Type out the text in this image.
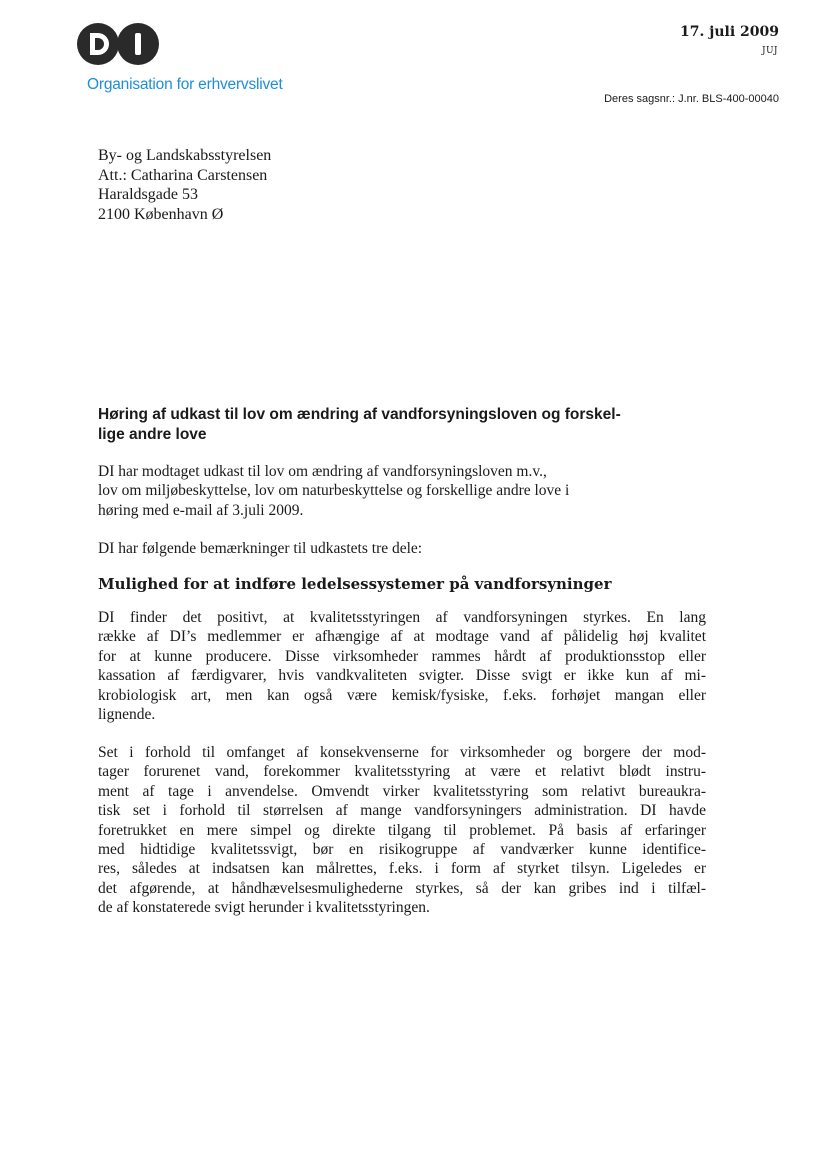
Organisation for erhvervslivet
17. juli 2009
JUJ
Deres sagsnr.: J.nr. BLS-400-00040
By- og Landskabsstyrelsen
Att.: Catharina Carstensen
Haraldsgade 53
2100 København Ø
Høring af udkast til lov om ændring af vandforsyningsloven og forskel-
lige andre love
DI har modtaget udkast til lov om ændring af vandforsyningsloven m.v.,
lov om miljøbeskyttelse, lov om naturbeskyttelse og forskellige andre love i
høring med e-mail af 3.juli 2009.
DI har følgende bemærkninger til udkastets tre dele:
Mulighed for at indføre ledelsessystemer på vandforsyninger
DI finder det positivt, at kvalitetsstyringen af vandforsyningen styrkes. En lang
række af DI’s medlemmer er afhængige af at modtage vand af pålidelig høj kvalitet
for at kunne producere. Disse virksomheder rammes hårdt af produktionsstop eller
kassation af færdigvarer, hvis vandkvaliteten svigter. Disse svigt er ikke kun af mi-
krobiologisk art, men kan også være kemisk/fysiske, f.eks. forhøjet mangan eller
lignende.
Set i forhold til omfanget af konsekvenserne for virksomheder og borgere der mod-
tager forurenet vand, forekommer kvalitetsstyring at være et relativt blødt instru-
ment af tage i anvendelse. Omvendt virker kvalitetsstyring som relativt bureaukra-
tisk set i forhold til størrelsen af mange vandforsyningers administration. DI havde
foretrukket en mere simpel og direkte tilgang til problemet. På basis af erfaringer
med hidtidige kvalitetssvigt, bør en risikogruppe af vandværker kunne identifice-
res, således at indsatsen kan målrettes, f.eks. i form af styrket tilsyn. Ligeledes er
det afgørende, at håndhævelsesmulighederne styrkes, så der kan gribes ind i tilfæl-
de af konstaterede svigt herunder i kvalitetsstyringen.
